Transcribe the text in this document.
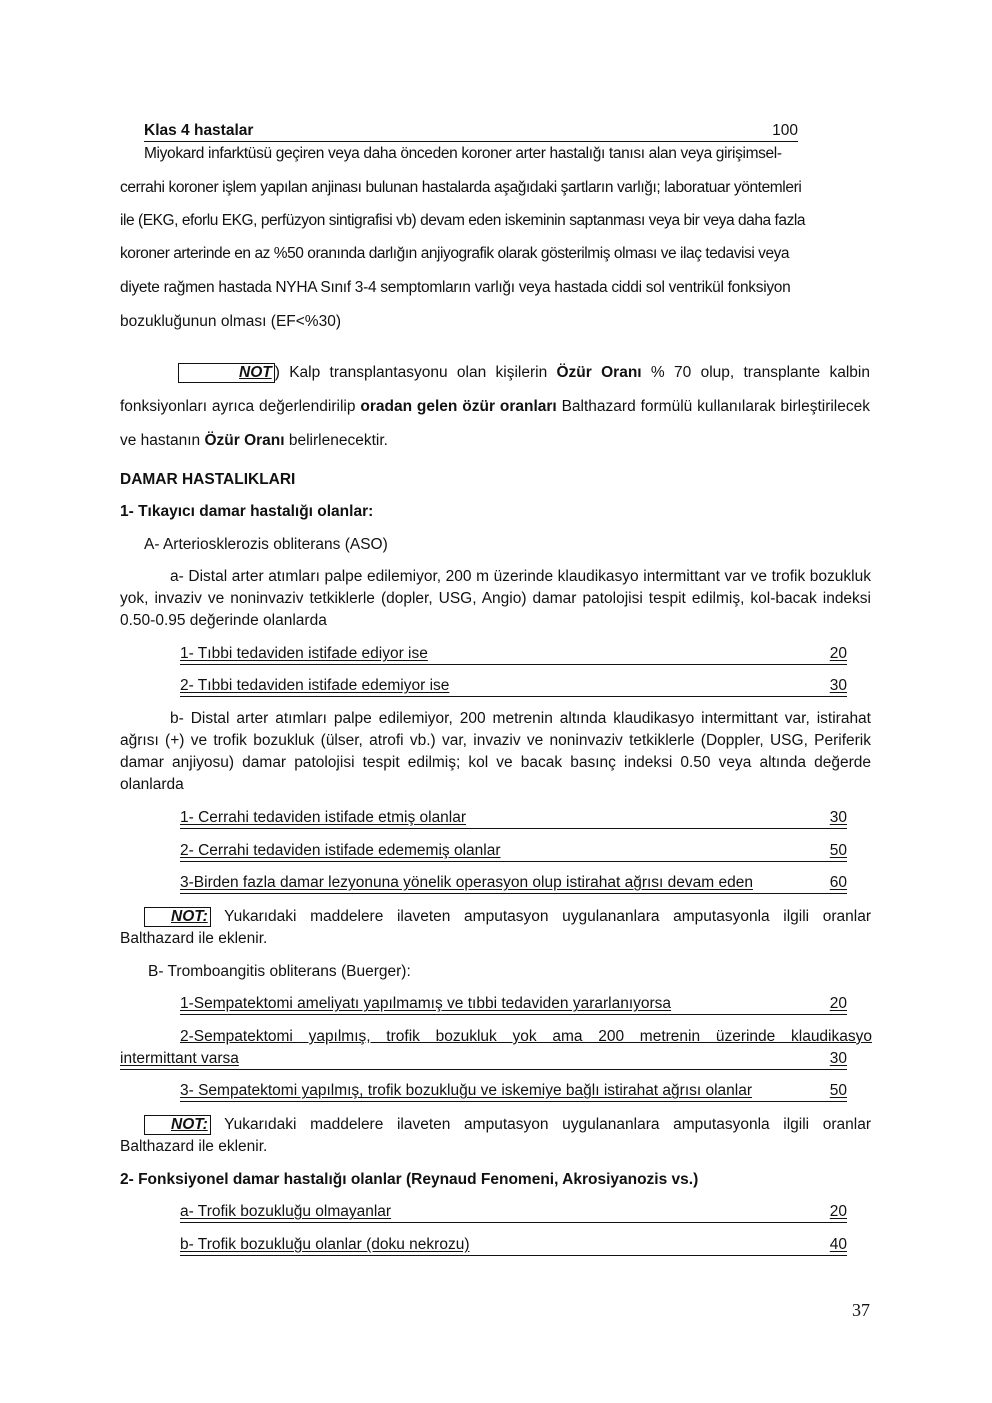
Klas 4 hastalar	100
Miyokard infarktüsü geçiren veya daha önceden koroner arter hastalığı tanısı alan veya girişimsel-
cerrahi koroner işlem yapılan anjinası bulunan hastalarda aşağıdaki şartların varlığı; laboratuar yöntemleri
ile (EKG, eforlu EKG, perfüzyon sintigrafisi vb) devam eden iskeminin saptanması veya bir veya daha fazla
koroner arterinde en az %50 oranında darlığın anjiyografik olarak gösterilmiş olması ve ilaç tedavisi veya
diyete rağmen hastada NYHA Sınıf 3-4 semptomların varlığı veya hastada ciddi sol ventrikül fonksiyon
bozukluğunun olması (EF<%30)
NOT ) Kalp transplantasyonu olan kişilerin Özür Oranı % 70 olup, transplante kalbin fonksiyonları ayrıca değerlendirilip oradan gelen özür oranları Balthazard formülü kullanılarak birleştirilecek ve hastanın Özür Oranı belirlenecektir.
DAMAR HASTALIKLARI
1- Tıkayıcı damar hastalığı olanlar:
A- Arteriosklerozis obliterans (ASO)
a- Distal arter atımları palpe edilemiyor, 200 m üzerinde klaudikasyo intermittant var ve trofik bozukluk yok, invaziv ve noninvaziv tetkiklerle (dopler, USG, Angio) damar patolojisi tespit edilmiş, kol-bacak indeksi 0.50-0.95 değerinde olanlarda
1- Tıbbi tedaviden istifade ediyor ise	20
2- Tıbbi tedaviden istifade edemiyor ise	30
b- Distal arter atımları palpe edilemiyor, 200 metrenin altında klaudikasyo intermittant var, istirahat ağrısı (+) ve trofik bozukluk (ülser, atrofi vb.) var, invaziv ve noninvaziv tetkiklerle (Doppler, USG, Periferik damar anjiyosu) damar patolojisi tespit edilmiş; kol ve bacak basınç indeksi 0.50 veya altında değerde olanlarda
1- Cerrahi tedaviden istifade etmiş olanlar	30
2- Cerrahi tedaviden istifade edememiş olanlar	50
3-Birden fazla damar lezyonuna yönelik operasyon olup istirahat ağrısı devam eden	60
NOT: Yukarıdaki maddelere ilaveten amputasyon uygulananlara amputasyonla ilgili oranlar Balthazard ile eklenir.
B- Tromboangitis obliterans (Buerger):
1-Sempatektomi ameliyatı yapılmamış ve tıbbi tedaviden yararlanıyorsa	20
2-Sempatektomi yapılmış, trofik bozukluk yok ama 200 metrenin üzerinde klaudikasyo
intermittant varsa	30
3- Sempatektomi yapılmış, trofik bozukluğu ve iskemiye bağlı istirahat ağrısı olanlar	50
NOT: Yukarıdaki maddelere ilaveten amputasyon uygulananlara amputasyonla ilgili oranlar Balthazard ile eklenir.
2- Fonksiyonel damar hastalığı olanlar (Reynaud Fenomeni, Akrosiyanozis vs.)
a- Trofik bozukluğu olmayanlar	20
b- Trofik bozukluğu olanlar (doku nekrozu)	40
37
